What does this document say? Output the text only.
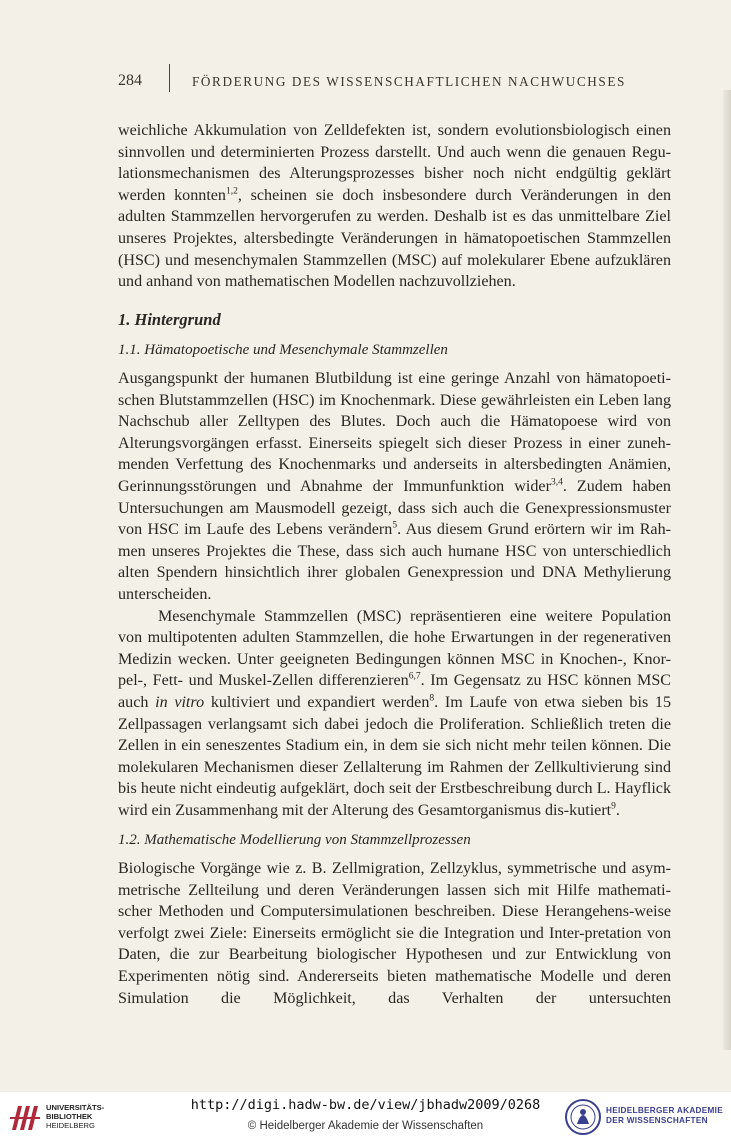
284	FÖRDERUNG DES WISSENSCHAFTLICHEN NACHWUCHSES

weichliche Akkumulation von Zelldefekten ist, sondern evolutionsbiologisch einen

sinnvollen und determinierten Prozess darstellt. Und auch wenn die genauen Regu-

lationsmechanismen des Alterungsprozesses bisher noch nicht endgültig geklärt

werden konnten$^{1,2}$, scheinen sie doch insbesondere durch Veränderungen in den

adulten Stammzellen hervorgerufen zu werden. Deshalb ist es das unmittelbare Ziel

unseres Projektes, altersbedingte Veränderungen in hämatopoetischen Stammzellen

(HSC) und mesenchymalen Stammzellen (MSC) auf molekularer Ebene aufzuklären

und anhand von mathematischen Modellen nachzuvollziehen.

1. Hintergrund
1.1. Hämatopoetische und Mesenchymale Stammzellen

Ausgangspunkt der humanen Blutbildung ist eine geringe Anzahl von hämatopoeti-schen Blutstammzellen (HSC) im Knochenmark. Diese gewährleisten ein Leben lang Nachschub aller Zelltypen des Blutes. Doch auch die Hämatopoese wird von Alterungsvorgängen erfasst. Einerseits spiegelt sich dieser Prozess in einer zuneh-menden Verfettung des Knochenmarks und anderseits in altersbedingten Anämien, Gerinnungsstörungen und Abnahme der Immunfunktion wider$^{3,4}$. Zudem haben Untersuchungen am Mausmodell gezeigt, dass sich auch die Genexpressionsmuster von HSC im Laufe des Lebens verändern$^5$. Aus diesem Grund erörtern wir im Rah-men unseres Projektes die These, dass sich auch humane HSC von unterschiedlich alten Spendern hinsichtlich ihrer globalen Genexpression und DNA Methylierung unterscheiden.

Mesenchymale Stammzellen (MSC) repräsentieren eine weitere Population von multipotenten adulten Stammzellen, die hohe Erwartungen in der regenerativen Medizin wecken. Unter geeigneten Bedingungen können MSC in Knochen-, Knor-pel-, Fett- und Muskel-Zellen differenzieren$^{6,7}$. Im Gegensatz zu HSC können MSC auch in vitro kultiviert und expandiert werden$^8$. Im Laufe von etwa sieben bis 15 Zellpassagen verlangsamt sich dabei jedoch die Proliferation. Schließlich treten die Zellen in ein seneszentes Stadium ein, in dem sie sich nicht mehr teilen können. Die molekularen Mechanismen dieser Zellalterung im Rahmen der Zellkultivierung sind bis heute nicht eindeutig aufgeklärt, doch seit der Erstbeschreibung durch L. Hayflick wird ein Zusammenhang mit der Alterung des Gesamtorganismus dis-kutiert$^9$.

1.2. Mathematische Modellierung von Stammzellprozessen

Biologische Vorgänge wie z. B. Zellmigration, Zellzyklus, symmetrische und asym-metrische Zellteilung und deren Veränderungen lassen sich mit Hilfe mathemati-scher Methoden und Computersimulationen beschreiben. Diese Herangehens-weise verfolgt zwei Ziele: Einerseits ermöglicht sie die Integration und Inter-pretation von Daten, die zur Bearbeitung biologischer Hypothesen und zur Entwicklung von Experimenten nötig sind. Andererseits bieten mathematische Modelle und deren Simulation die Möglichkeit, das Verhalten der untersuchten

UNIVERSITÄTS-
BIBLIOTHEK
HEIDELBERG
http://digi.hadw-bw.de/view/jbhadw2009/0268
© Heidelberger Akademie der Wissenschaften
HEIDELBERGER AKADEMIE
DER WISSENSCHAFTEN
